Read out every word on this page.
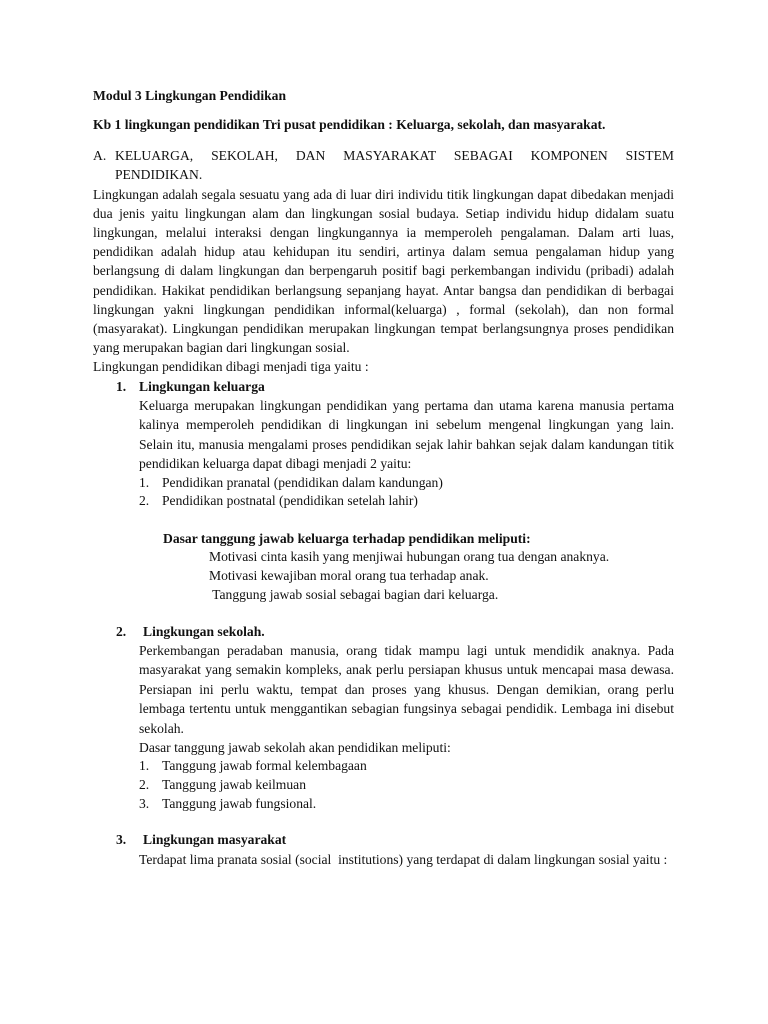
Modul 3 Lingkungan Pendidikan

Kb 1 lingkungan pendidikan Tri pusat pendidikan : Keluarga, sekolah, dan masyarakat.

A. KELUARGA, SEKOLAH, DAN MASYARAKAT SEBAGAI KOMPONEN SISTEM PENDIDIKAN.

Lingkungan adalah segala sesuatu yang ada di luar diri individu titik lingkungan dapat dibedakan menjadi dua jenis yaitu lingkungan alam dan lingkungan sosial budaya. Setiap individu hidup didalam suatu lingkungan, melalui interaksi dengan lingkungannya ia memperoleh pengalaman. Dalam arti luas, pendidikan adalah hidup atau kehidupan itu sendiri, artinya dalam semua pengalaman hidup yang berlangsung di dalam lingkungan dan berpengaruh positif bagi perkembangan individu (pribadi) adalah pendidikan. Hakikat pendidikan berlangsung sepanjang hayat. Antar bangsa dan pendidikan di berbagai lingkungan yakni lingkungan pendidikan informal(keluarga) , formal (sekolah), dan non formal (masyarakat). Lingkungan pendidikan merupakan lingkungan tempat berlangsungnya proses pendidikan yang merupakan bagian dari lingkungan sosial.

Lingkungan pendidikan dibagi menjadi tiga yaitu :

1. Lingkungan keluarga

Keluarga merupakan lingkungan pendidikan yang pertama dan utama karena manusia pertama kalinya memperoleh pendidikan di lingkungan ini sebelum mengenal lingkungan yang lain. Selain itu, manusia mengalami proses pendidikan sejak lahir bahkan sejak dalam kandungan titik pendidikan keluarga dapat dibagi menjadi 2 yaitu:

1. Pendidikan pranatal (pendidikan dalam kandungan)
2. Pendidikan postnatal (pendidikan setelah lahir)

Dasar tanggung jawab keluarga terhadap pendidikan meliputi:

Motivasi cinta kasih yang menjiwai hubungan orang tua dengan anaknya.

Motivasi kewajiban moral orang tua terhadap anak.

Tanggung jawab sosial sebagai bagian dari keluarga.

2. Lingkungan sekolah.

Perkembangan peradaban manusia, orang tidak mampu lagi untuk mendidik anaknya. Pada masyarakat yang semakin kompleks, anak perlu persiapan khusus untuk mencapai masa dewasa. Persiapan ini perlu waktu, tempat dan proses yang khusus. Dengan demikian, orang perlu lembaga tertentu untuk menggantikan sebagian fungsinya sebagai pendidik. Lembaga ini disebut sekolah.

Dasar tanggung jawab sekolah akan pendidikan meliputi:

1. Tanggung jawab formal kelembagaan
2. Tanggung jawab keilmuan
3. Tanggung jawab fungsional.
3. Lingkungan masyarakat

Terdapat lima pranata sosial (social  institutions) yang terdapat di dalam lingkungan sosial yaitu :
